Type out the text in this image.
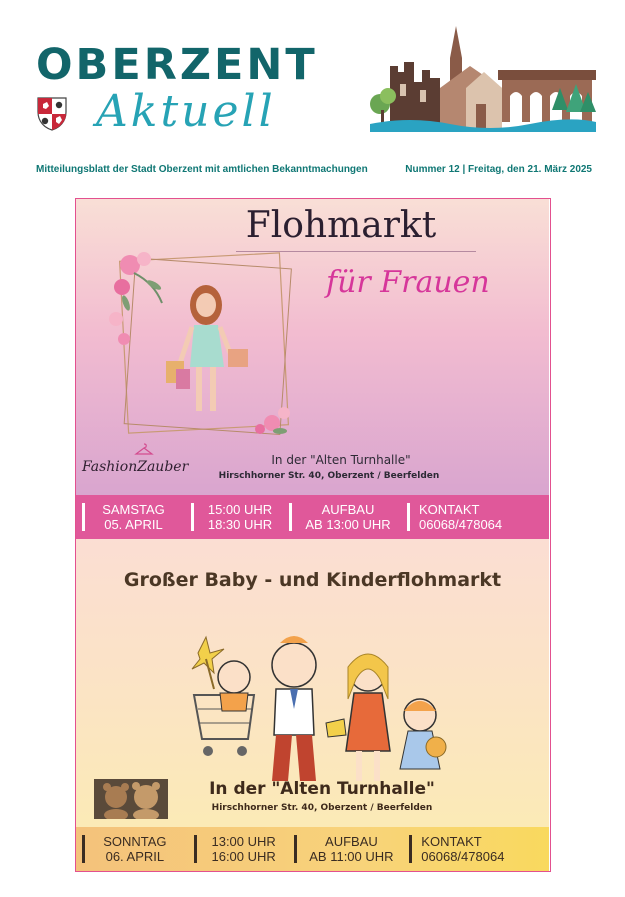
OBERZENT
Aktuell
Mitteilungsblatt der Stadt Oberzent mit amtlichen Bekanntmachungen	Nummer 12 | Freitag, den 21. März 2025
Flohmarkt
für Frauen
FashionZauber	In der "Alten Turnhalle"
Hirschhorner Str. 40, Oberzent / Beerfelden
SAMSTAG
05. APRIL
15:00 UHR
18:30 UHR
AUFBAU
AB 13:00 UHR
KONTAKT
06068/478064
Großer Baby - und Kinderflohmarkt
In der "Alten Turnhalle"
Hirschhorner Str. 40, Oberzent / Beerfelden
SONNTAG
06. APRIL
13:00 UHR
16:00 UHR
AUFBAU
AB 11:00 UHR
KONTAKT
06068/478064
